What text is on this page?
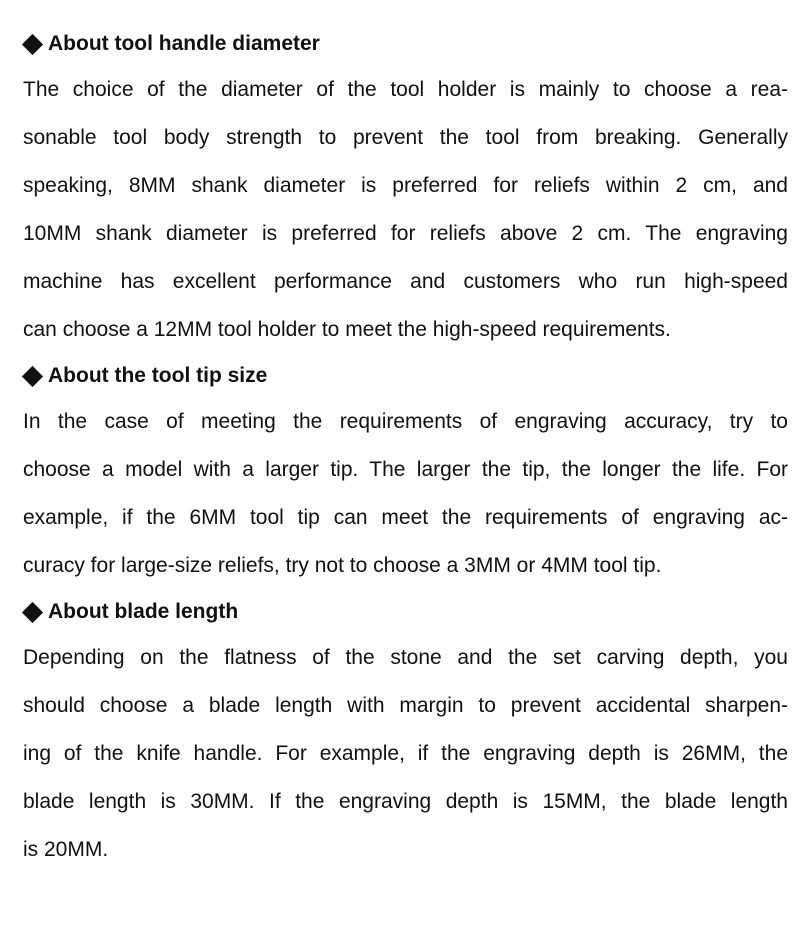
About tool handle diameter

The choice of the diameter of the tool holder is mainly to choose a rea-
sonable tool body strength to prevent the tool from breaking. Generally
speaking, 8MM shank diameter is preferred for reliefs within 2 cm, and
10MM shank diameter is preferred for reliefs above 2 cm. The engraving
machine has excellent performance and customers who run high-speed
can choose a 12MM tool holder to meet the high-speed requirements.

About the tool tip size

In the case of meeting the requirements of engraving accuracy, try to
choose a model with a larger tip. The larger the tip, the longer the life. For
example, if the 6MM tool tip can meet the requirements of engraving ac-
curacy for large-size reliefs, try not to choose a 3MM or 4MM tool tip.

About blade length

Depending on the flatness of the stone and the set carving depth, you
should choose a blade length with margin to prevent accidental sharpen-
ing of the knife handle. For example, if the engraving depth is 26MM, the
blade length is 30MM. If the engraving depth is 15MM, the blade length
is 20MM.
